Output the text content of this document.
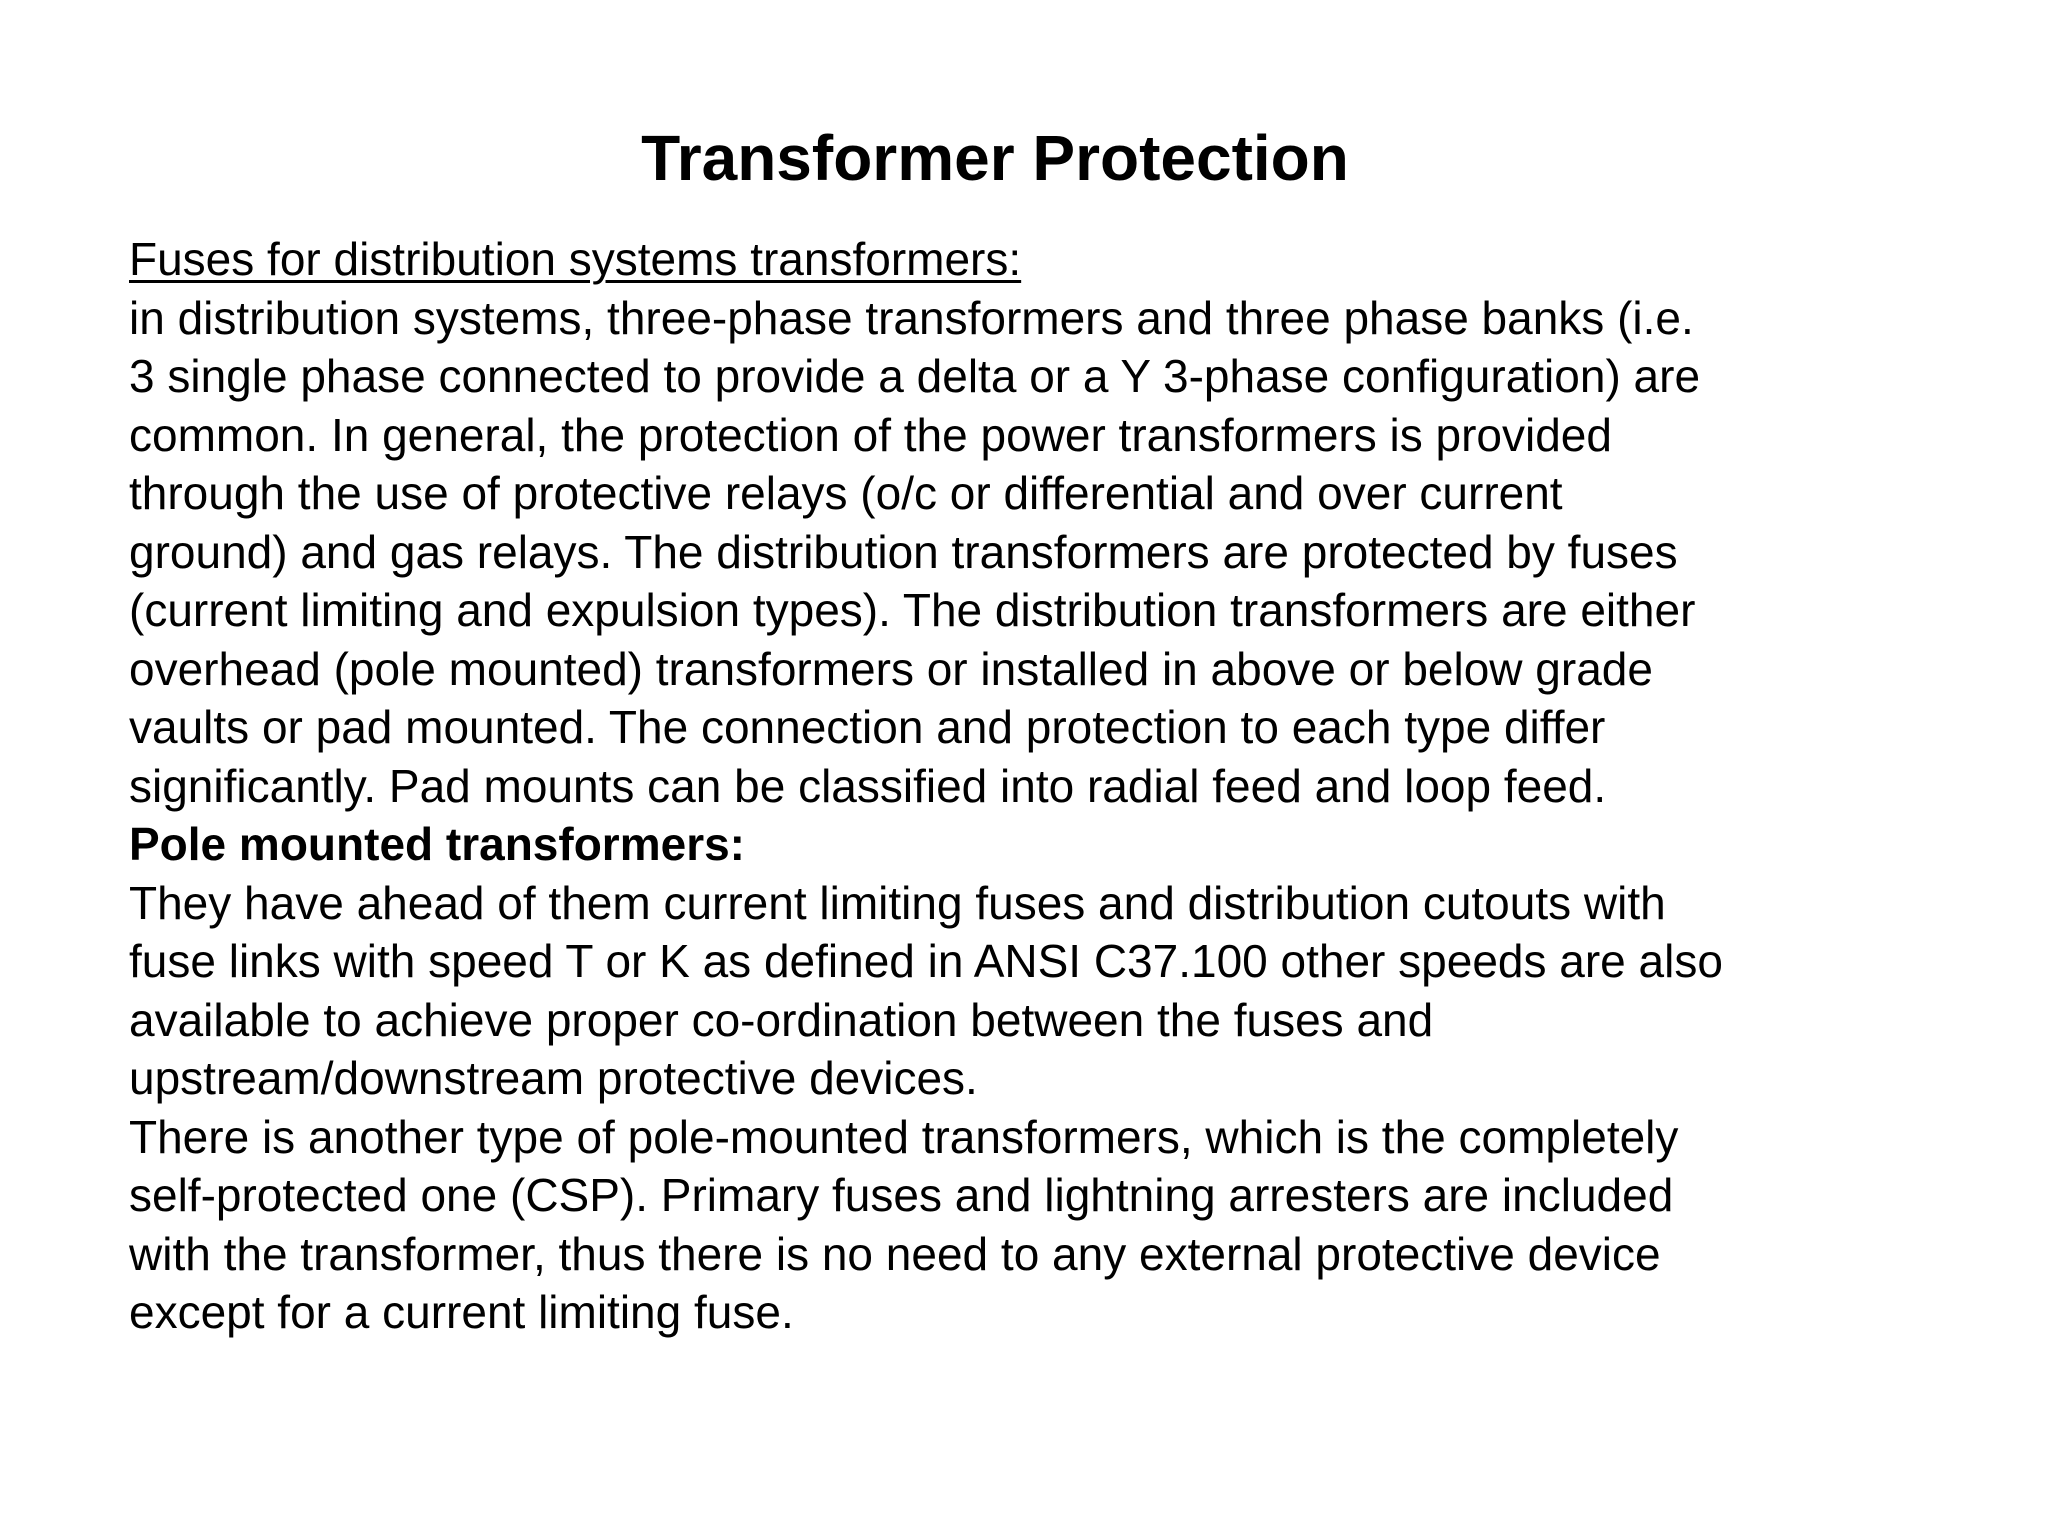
Transformer Protection
Fuses for distribution systems transformers:
in distribution systems, three-phase transformers and three phase banks (i.e.
3 single phase connected to provide a delta or a Y 3-phase configuration) are
common. In general, the protection of the power transformers is provided
through the use of protective relays (o/c or differential and over current
ground) and gas relays. The distribution transformers are protected by fuses
(current limiting and expulsion types). The distribution transformers are either
overhead (pole mounted) transformers or installed in above or below grade
vaults or pad mounted. The connection and protection to each type differ
significantly. Pad mounts can be classified into radial feed and loop feed.
Pole mounted transformers:
They have ahead of them current limiting fuses and distribution cutouts with
fuse links with speed T or K as defined in ANSI C37.100 other speeds are also
available to achieve proper co-ordination between the fuses and
upstream/downstream protective devices.
There is another type of pole-mounted transformers, which is the completely
self-protected one (CSP). Primary fuses and lightning arresters are included
with the transformer, thus there is no need to any external protective device
except for a current limiting fuse.
